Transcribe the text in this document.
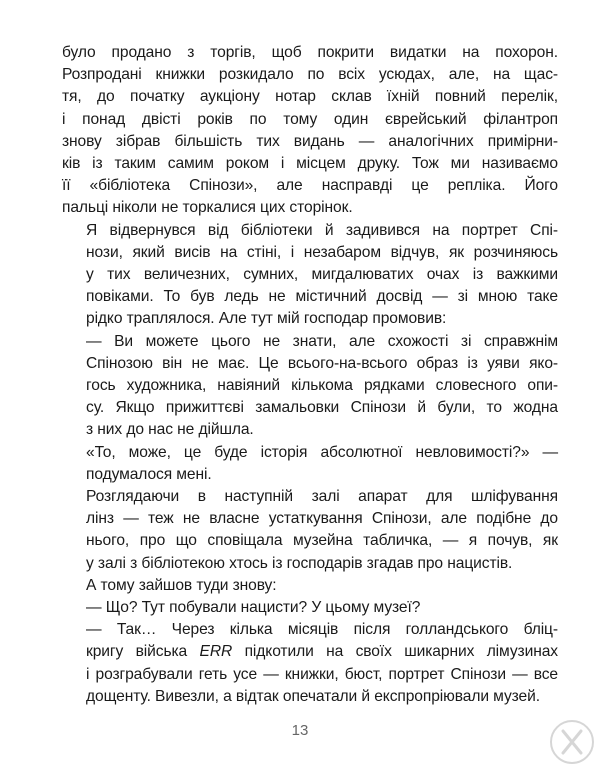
було продано з торгів, щоб покрити видатки на похорон.
Розпродані книжки розкидало по всіх усюдах, але, на щас-
тя, до початку аукціону нотар склав їхній повний перелік,
і понад двісті років по тому один єврейський філантроп
знову зібрав більшість тих видань — аналогічних примірни-
ків із таким самим роком і місцем друку. Тож ми називаємо
її «бібліотека Спінози», але насправді це репліка. Його
пальці ніколи не торкалися цих сторінок.

Я відвернувся від бібліотеки й задивився на портрет Спі-
нози, який висів на стіні, і незабаром відчув, як розчиняюсь
у тих величезних, сумних, мигдалюватих очах із важкими
повіками. То був ледь не містичний досвід — зі мною таке
рідко траплялося. Але тут мій господар промовив:

— Ви можете цього не знати, але схожості зі справжнім
Спінозою він не має. Це всього-на-всього образ із уяви яко-
гось художника, навіяний кількома рядками словесного опи-
су. Якщо прижиттєві замальовки Спінози й були, то жодна
з них до нас не дійшла.

«То, може, це буде історія абсолютної невловимості?» —
подумалося мені.

Розглядаючи в наступній залі апарат для шліфування
лінз — теж не власне устаткування Спінози, але подібне до
нього, про що сповіщала музейна табличка, — я почув, як
у залі з бібліотекою хтось із господарів згадав про нацистів.

А тому зайшов туди знову:

— Що? Тут побували нацисти? У цьому музеї?

— Так… Через кілька місяців після голландського бліц-
кригу війська ERR підкотили на своїх шикарних лімузинах
і розграбували геть усе — книжки, бюст, портрет Спінози — все
дощенту. Вивезли, а відтак опечатали й експропріювали музей.

13
